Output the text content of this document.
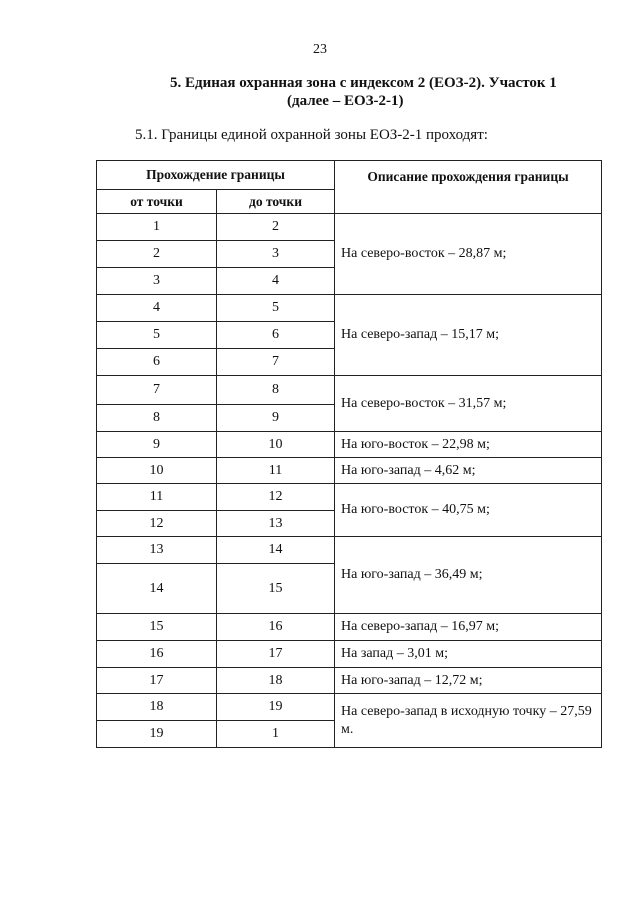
23
5. Единая охранная зона с индексом 2 (ЕОЗ-2). Участок 1
(далее – ЕОЗ-2-1)
5.1. Границы единой охранной зоны ЕОЗ-2-1 проходят:
Прохождение границы		Описание прохождения границы
от точки	до точки	
1	2	На северо-восток – 28,87 м;
2	3	
3	4	
4	5	На северо-запад – 15,17 м;
5	6	
6	7	
7	8	На северо-восток – 31,57 м;
8	9	
9	10	На юго-восток – 22,98 м;
10	11	На юго-запад – 4,62 м;
11	12	На юго-восток – 40,75 м;
12	13	
13	14	На юго-запад – 36,49 м;
14	15	
15	16	На северо-запад – 16,97 м;
16	17	На запад – 3,01 м;
17	18	На юго-запад – 12,72 м;
18	19	На северо-запад в исходную точку – 27,59 м.
19	1	
